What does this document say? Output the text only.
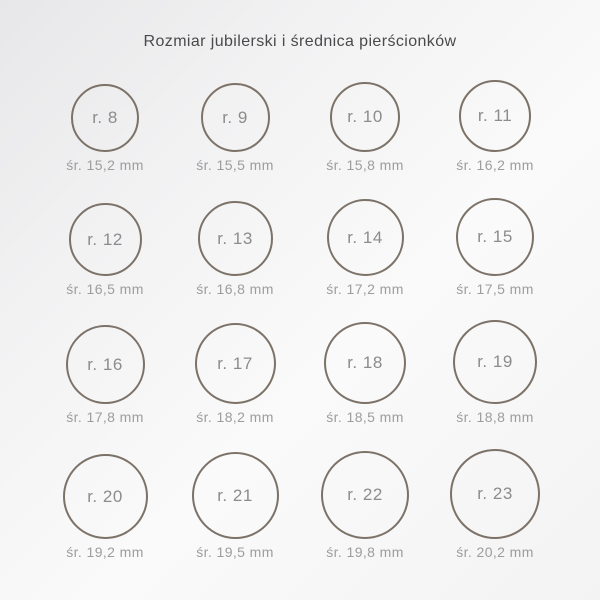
Rozmiar jubilerski i średnica pierścionków
r. 8
śr. 15,2 mm
r. 9
śr. 15,5 mm
r. 10
śr. 15,8 mm
r. 11
śr. 16,2 mm
r. 12
śr. 16,5 mm
r. 13
śr. 16,8 mm
r. 14
śr. 17,2 mm
r. 15
śr. 17,5 mm
r. 16
śr. 17,8 mm
r. 17
śr. 18,2 mm
r. 18
śr. 18,5 mm
r. 19
śr. 18,8 mm
r. 20
śr. 19,2 mm
r. 21
śr. 19,5 mm
r. 22
śr. 19,8 mm
r. 23
śr. 20,2 mm
